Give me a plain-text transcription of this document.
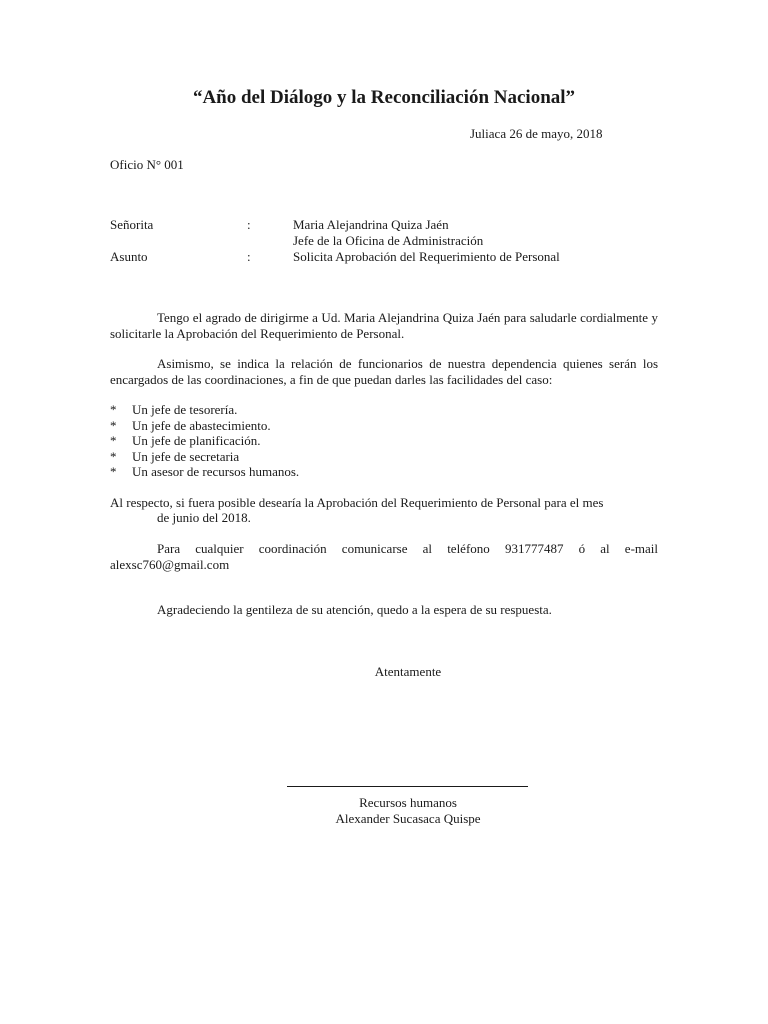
“Año del Diálogo y la Reconciliación Nacional”
Juliaca 26 de mayo, 2018
Oficio N° 001
Señorita	:	Maria Alejandrina Quiza Jaén
Jefe de la Oficina de Administración
Asunto	:	Solicita Aprobación del Requerimiento de Personal
Tengo el agrado de dirigirme a Ud. Maria Alejandrina Quiza Jaén para saludarle cordialmente y solicitarle la Aprobación del Requerimiento de Personal.
Asimismo, se indica la relación de funcionarios de nuestra dependencia quienes serán los encargados de las coordinaciones, a fin de que puedan darles las facilidades del caso:
* Un jefe de tesorería.
* Un jefe de abastecimiento.
* Un jefe de planificación.
* Un jefe de secretaria
* Un asesor de recursos humanos.
Al respecto, si fuera posible desearía la Aprobación del Requerimiento de Personal para el mes
de junio del 2018.
Para cualquier coordinación comunicarse al teléfono 931777487 ó al e-mail alexsc760@gmail.com
Agradeciendo la gentileza de su atención, quedo a la espera de su respuesta.
Atentamente
Recursos humanos
Alexander Sucasaca Quispe
